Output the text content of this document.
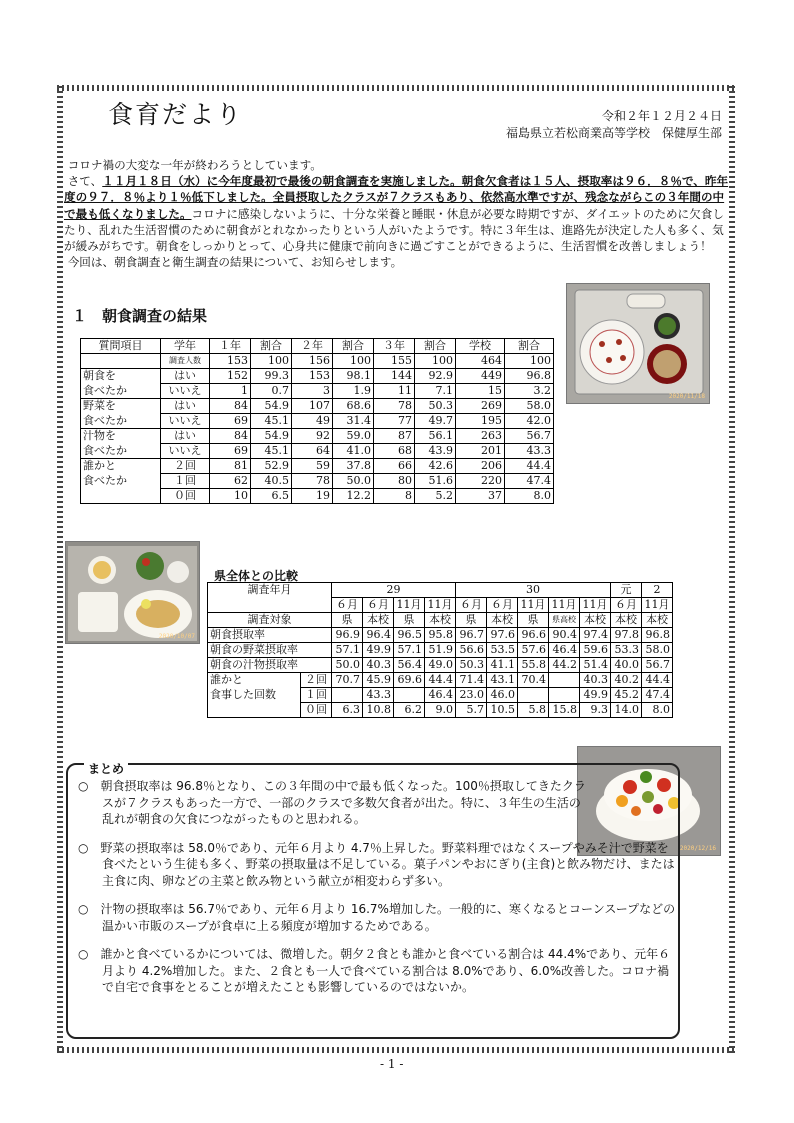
食育だより	令和２年１２月２４日
福島県立若松商業高等学校　保健厚生部

コロナ禍の大変な一年が終わろうとしています。

さて、１１月１８日（水）に今年度最初で最後の朝食調査を実施しました。朝食欠食者は１５人、摂取率は９６．８％で、昨年度の９７．８％より１％低下しました。全員摂取したクラスが７クラスもあり、依然高水準ですが、残念ながらこの３年間の中で最も低くなりました。コロナに感染しないように、十分な栄養と睡眠・休息が必要な時期ですが、ダイエットのために欠食したり、乱れた生活習慣のために朝食がとれなかったりという人がいたようです。特に３年生は、進路先が決定した人も多く、気が緩みがちです。朝食をしっかりとって、心身共に健康で前向きに過ごすことができるように、生活習慣を改善しましょう！

今回は、朝食調査と衛生調査の結果について、お知らせします。

１　朝食調査の結果
2020/11/18
質問項目	学年	１年	割合	２年	割合	３年	割合	学校	割合
	調査人数	153	100	156	100	155	100	464	100
朝食を	はい	152	99.3	153	98.1	144	92.9	449	96.8
食べたか	いいえ	1	0.7	3	1.9	11	7.1	15	3.2
野菜を	はい	84	54.9	107	68.6	78	50.3	269	58.0
食べたか	いいえ	69	45.1	49	31.4	77	49.7	195	42.0
汁物を	はい	84	54.9	92	59.0	87	56.1	263	56.7
食べたか	いいえ	69	45.1	64	41.0	68	43.9	201	43.3
誰かと	２回	81	52.9	59	37.8	66	42.6	206	44.4
食べたか	１回	62	40.5	78	50.0	80	51.6	220	47.4
	０回	10	6.5	19	12.2	8	5.2	37	8.0
2020/10/07
県全体との比較
調査年月		29				30					元	2
		６月	６月	11月	11月	６月	６月	11月	11月	11月	６月	11月
調査対象		県	本校	県	本校	県	本校	県	県高校	本校	本校	本校
朝食摂取率		96.9	96.4	96.5	95.8	96.7	97.6	96.6	90.4	97.4	97.8	96.8
朝食の野菜摂取率		57.1	49.9	57.1	51.9	56.6	53.5	57.6	46.4	59.6	53.3	58.0
朝食の汁物摂取率		50.0	40.3	56.4	49.0	50.3	41.1	55.8	44.2	51.4	40.0	56.7
誰かと	２回	70.7	45.9	69.6	44.4	71.4	43.1	70.4		40.3	40.2	44.4
食事した回数	１回		43.3		46.4	23.0	46.0			49.9	45.2	47.4
	０回	6.3	10.8	6.2	9.0	5.7	10.5	5.8	15.8	9.3	14.0	8.0
2020/12/16
まとめ

○　朝食摂取率は 96.8％となり、この３年間の中で最も低くなった。100％摂取してきたクラスが７クラスもあった一方で、一部のクラスで多数欠食者が出た。特に、３年生の生活の乱れが朝食の欠食につながったものと思われる。

○　野菜の摂取率は 58.0％であり、元年６月より 4.7％上昇した。野菜料理ではなくスープやみそ汁で野菜を食べたという生徒も多く、野菜の摂取量は不足している。菓子パンやおにぎり(主食)と飲み物だけ、または主食に肉、卵などの主菜と飲み物という献立が相変わらず多い。

○　汁物の摂取率は 56.7％であり、元年６月より 16.7%増加した。一般的に、寒くなるとコーンスープなどの温かい市販のスープが食卓に上る頻度が増加するためである。

○　誰かと食べているかについては、微増した。朝夕２食とも誰かと食べている割合は 44.4%であり、元年６月より 4.2%増加した。また、２食とも一人で食べている割合は 8.0%であり、6.0%改善した。コロナ禍で自宅で食事をとることが増えたことも影響しているのではないか。

- 1 -
